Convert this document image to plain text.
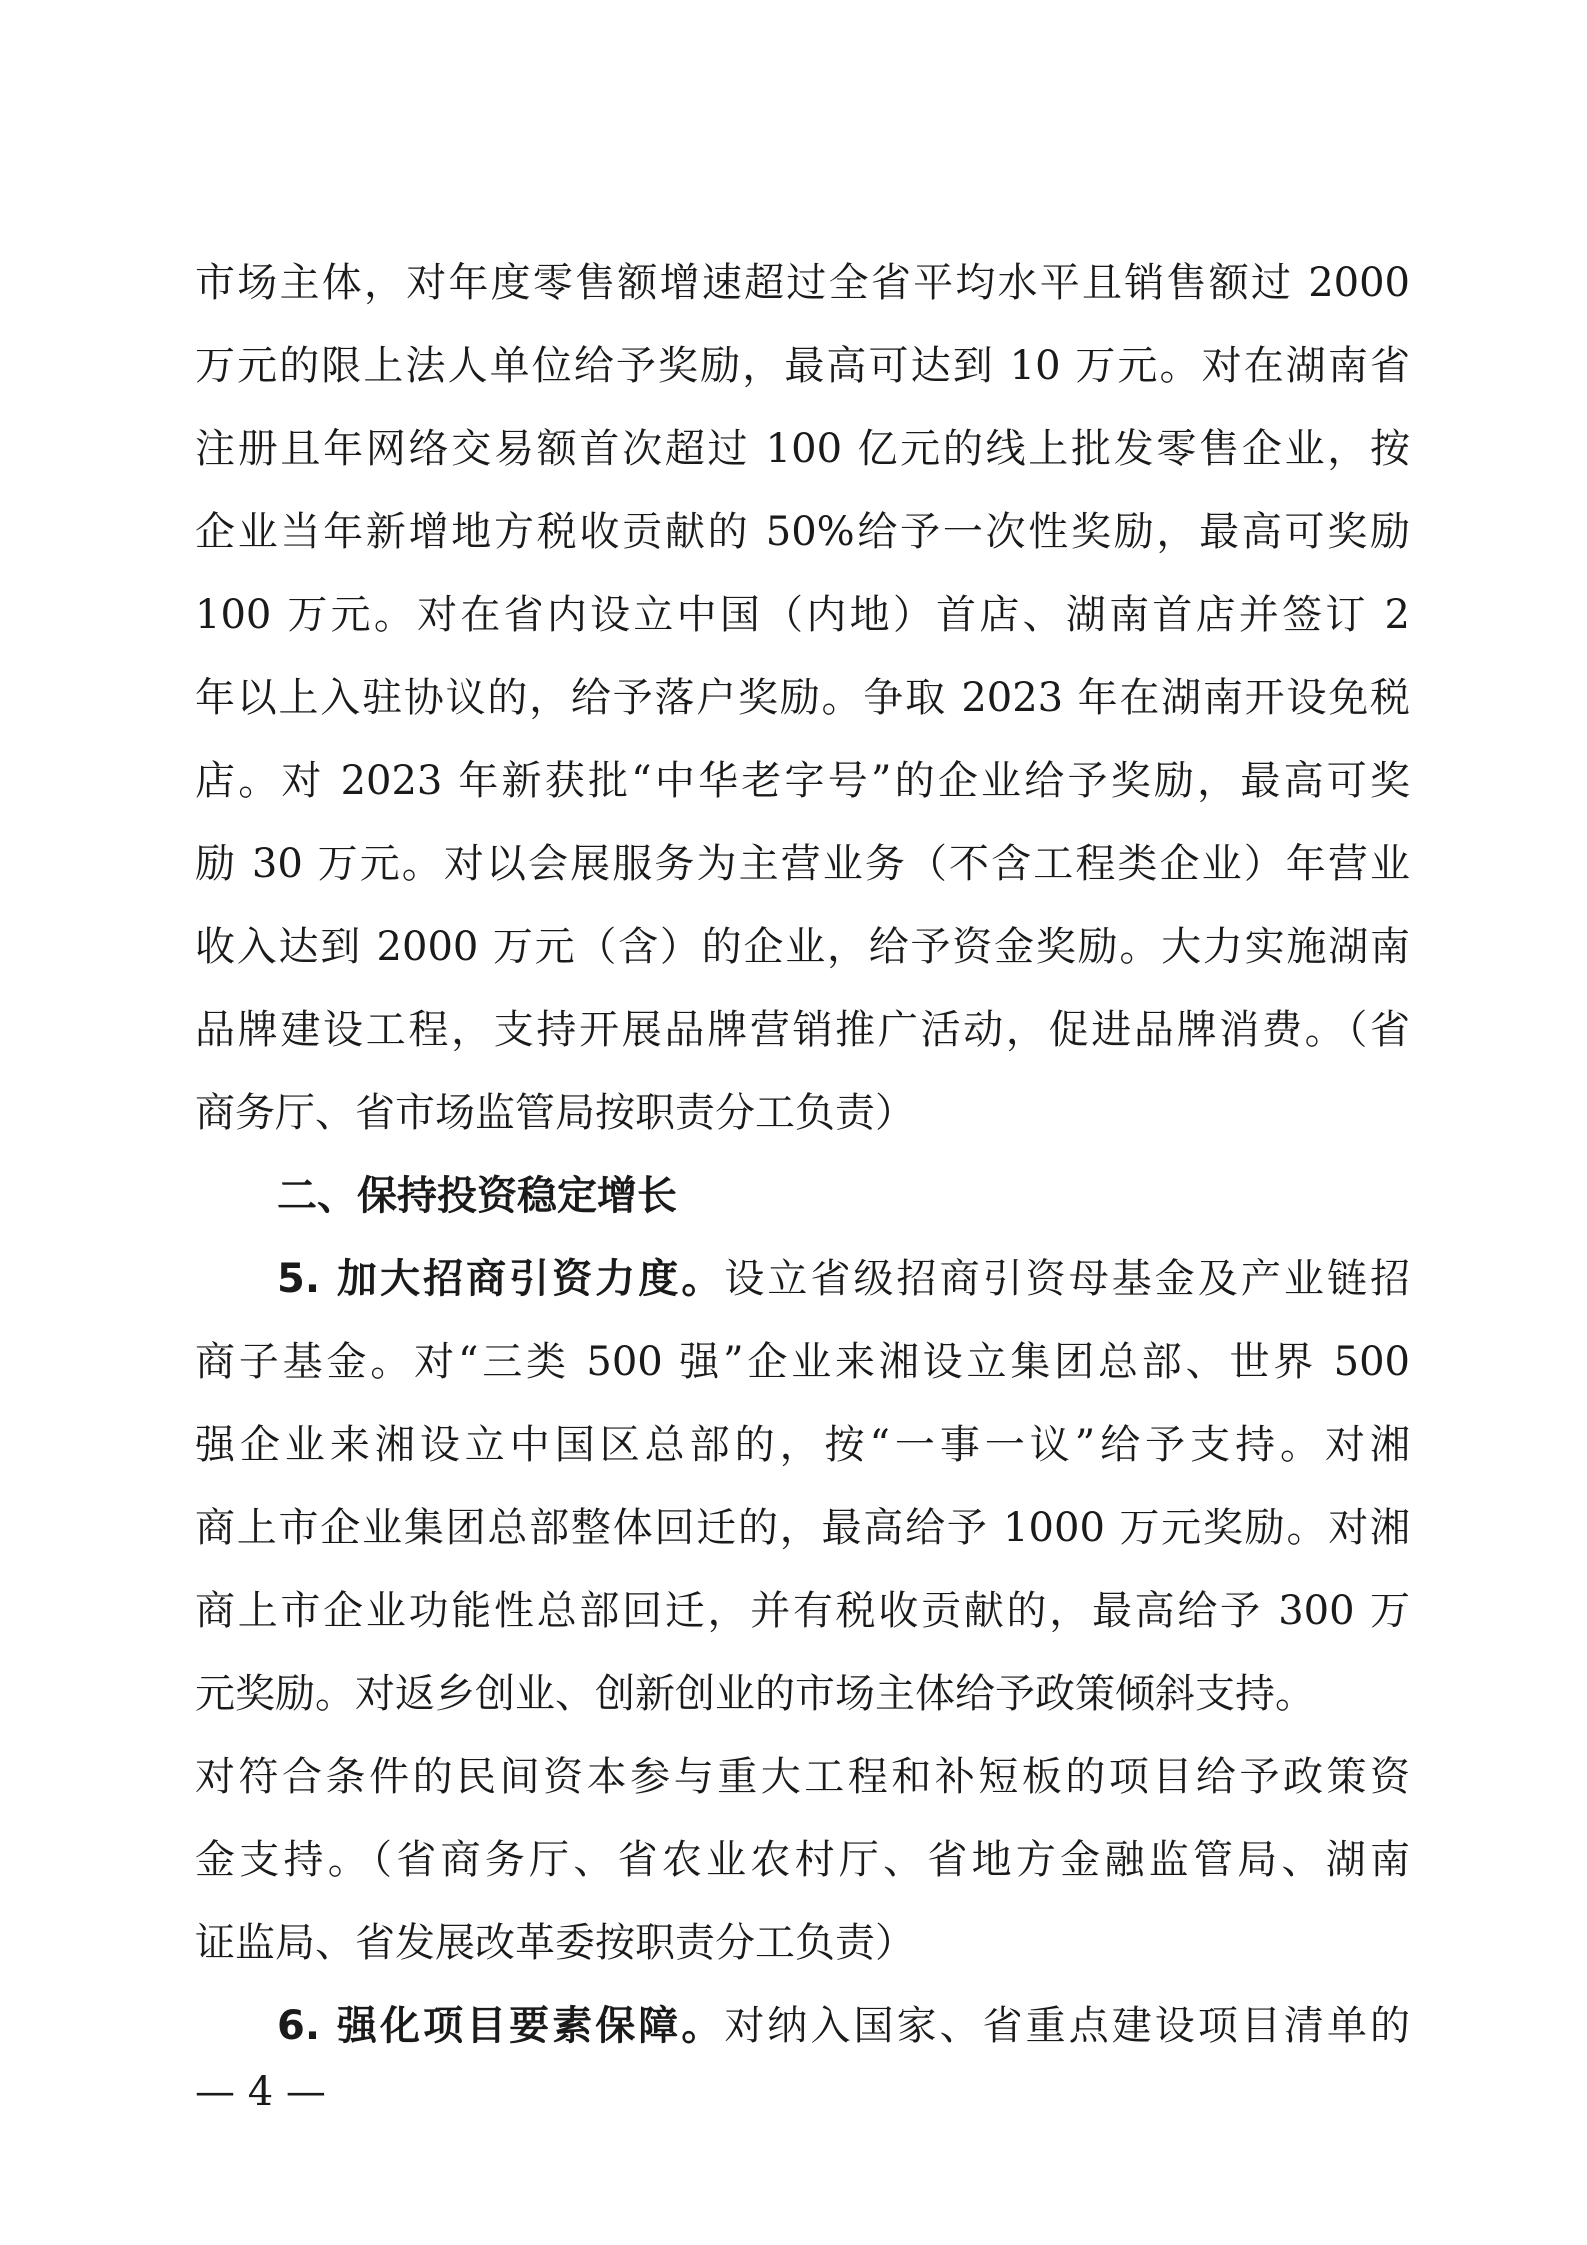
市场主体，对年度零售额增速超过全省平均水平且销售额过 2000
万元的限上法人单位给予奖励，最高可达到 10 万元。对在湖南省
注册且年网络交易额首次超过 100 亿元的线上批发零售企业，按
企业当年新增地方税收贡献的 50%给予一次性奖励，最高可奖励
100 万元。对在省内设立中国（内地）首店、湖南首店并签订 2
年以上入驻协议的，给予落户奖励。争取 2023 年在湖南开设免税
店。对 2023 年新获批“中华老字号”的企业给予奖励，最高可奖
励 30 万元。对以会展服务为主营业务（不含工程类企业）年营业
收入达到 2000 万元（含）的企业，给予资金奖励。大力实施湖南
品牌建设工程，支持开展品牌营销推广活动，促进品牌消费。（省
商务厅、省市场监管局按职责分工负责）
二、保持投资稳定增长
5. 加大招商引资力度。设立省级招商引资母基金及产业链招
商子基金。对“三类 500 强”企业来湘设立集团总部、世界 500
强企业来湘设立中国区总部的，按“一事一议”给予支持。对湘
商上市企业集团总部整体回迁的，最高给予 1000 万元奖励。对湘
商上市企业功能性总部回迁，并有税收贡献的，最高给予 300 万
元奖励。对返乡创业、创新创业的市场主体给予政策倾斜支持。
对符合条件的民间资本参与重大工程和补短板的项目给予政策资
金支持。（省商务厅、省农业农村厅、省地方金融监管局、湖南
证监局、省发展改革委按职责分工负责）
6. 强化项目要素保障。对纳入国家、省重点建设项目清单的
— 4 —
